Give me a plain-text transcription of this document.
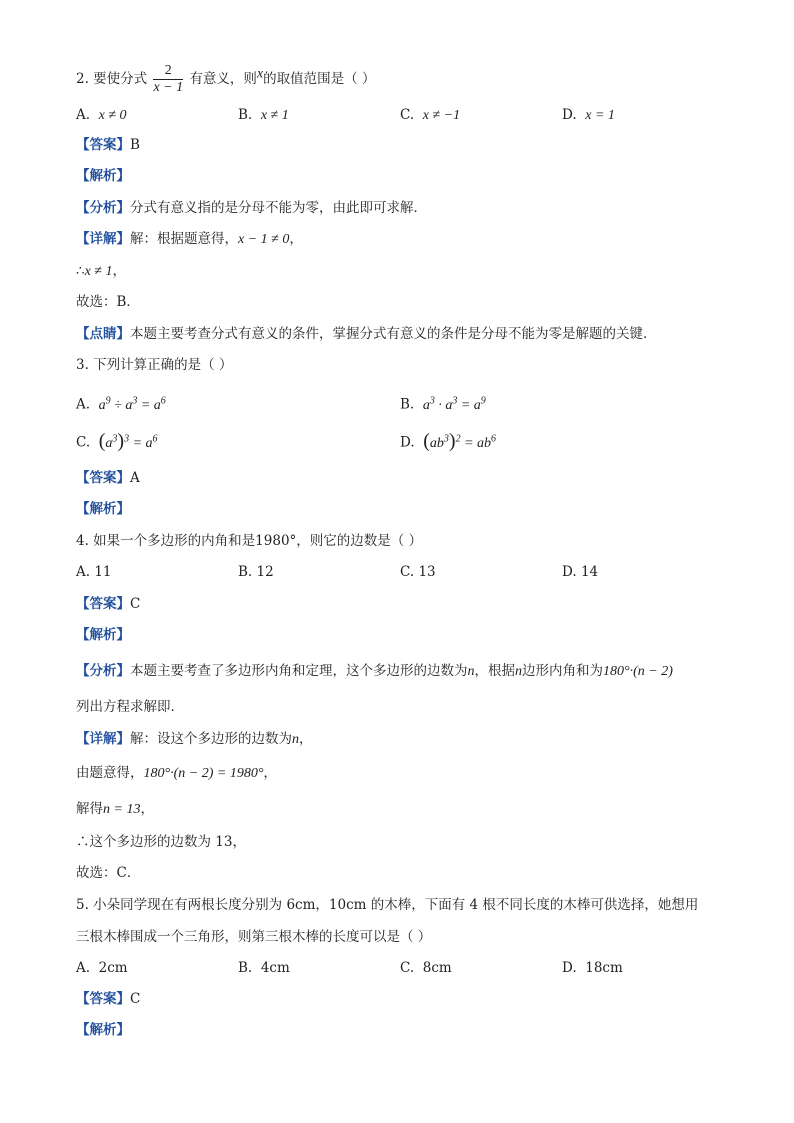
2. 要使分式 $\frac{2}{x - 1}$ 有意义，则$^x$的取值范围是（ ）
A. x ≠ 0	B. x ≠ 1	C. x ≠ −1	D. x = 1
【答案】B
【解析】
【分析】分式有意义指的是分母不能为零，由此即可求解．
【详解】解：根据题意得，x − 1 ≠ 0，
∴x ≠ 1，
故选：B．
【点睛】本题主要考查分式有意义的条件，掌握分式有意义的条件是分母不能为零是解题的关键．
3. 下列计算正确的是（ ）
A. $a^9 \div a^3 = a^6$	B. $a^3 \cdot a^3 = a^9$
C. $(a^3)^3 = a^6$	D. $(ab^3)^2 = ab^6$
【答案】A
【解析】
4. 如果一个多边形的内角和是1980°，则它的边数是（ ）
A. 11	B. 12	C. 13	D. 14
【答案】C
【解析】
【分析】本题主要考查了多边形内角和定理，这个多边形的边数为n，根据n边形内角和为180°·(n − 2)
列出方程求解即．
【详解】解：设这个多边形的边数为n，
由题意得，180°·(n − 2) = 1980°，
解得n = 13，
∴这个多边形的边数为 13，
故选：C．
5. 小朵同学现在有两根长度分别为 6cm，10cm 的木棒，下面有 4 根不同长度的木棒可供选择，她想用
三根木棒围成一个三角形，则第三根木棒的长度可以是（ ）
A. 2cm	B. 4cm	C. 8cm	D. 18cm
【答案】C
【解析】
